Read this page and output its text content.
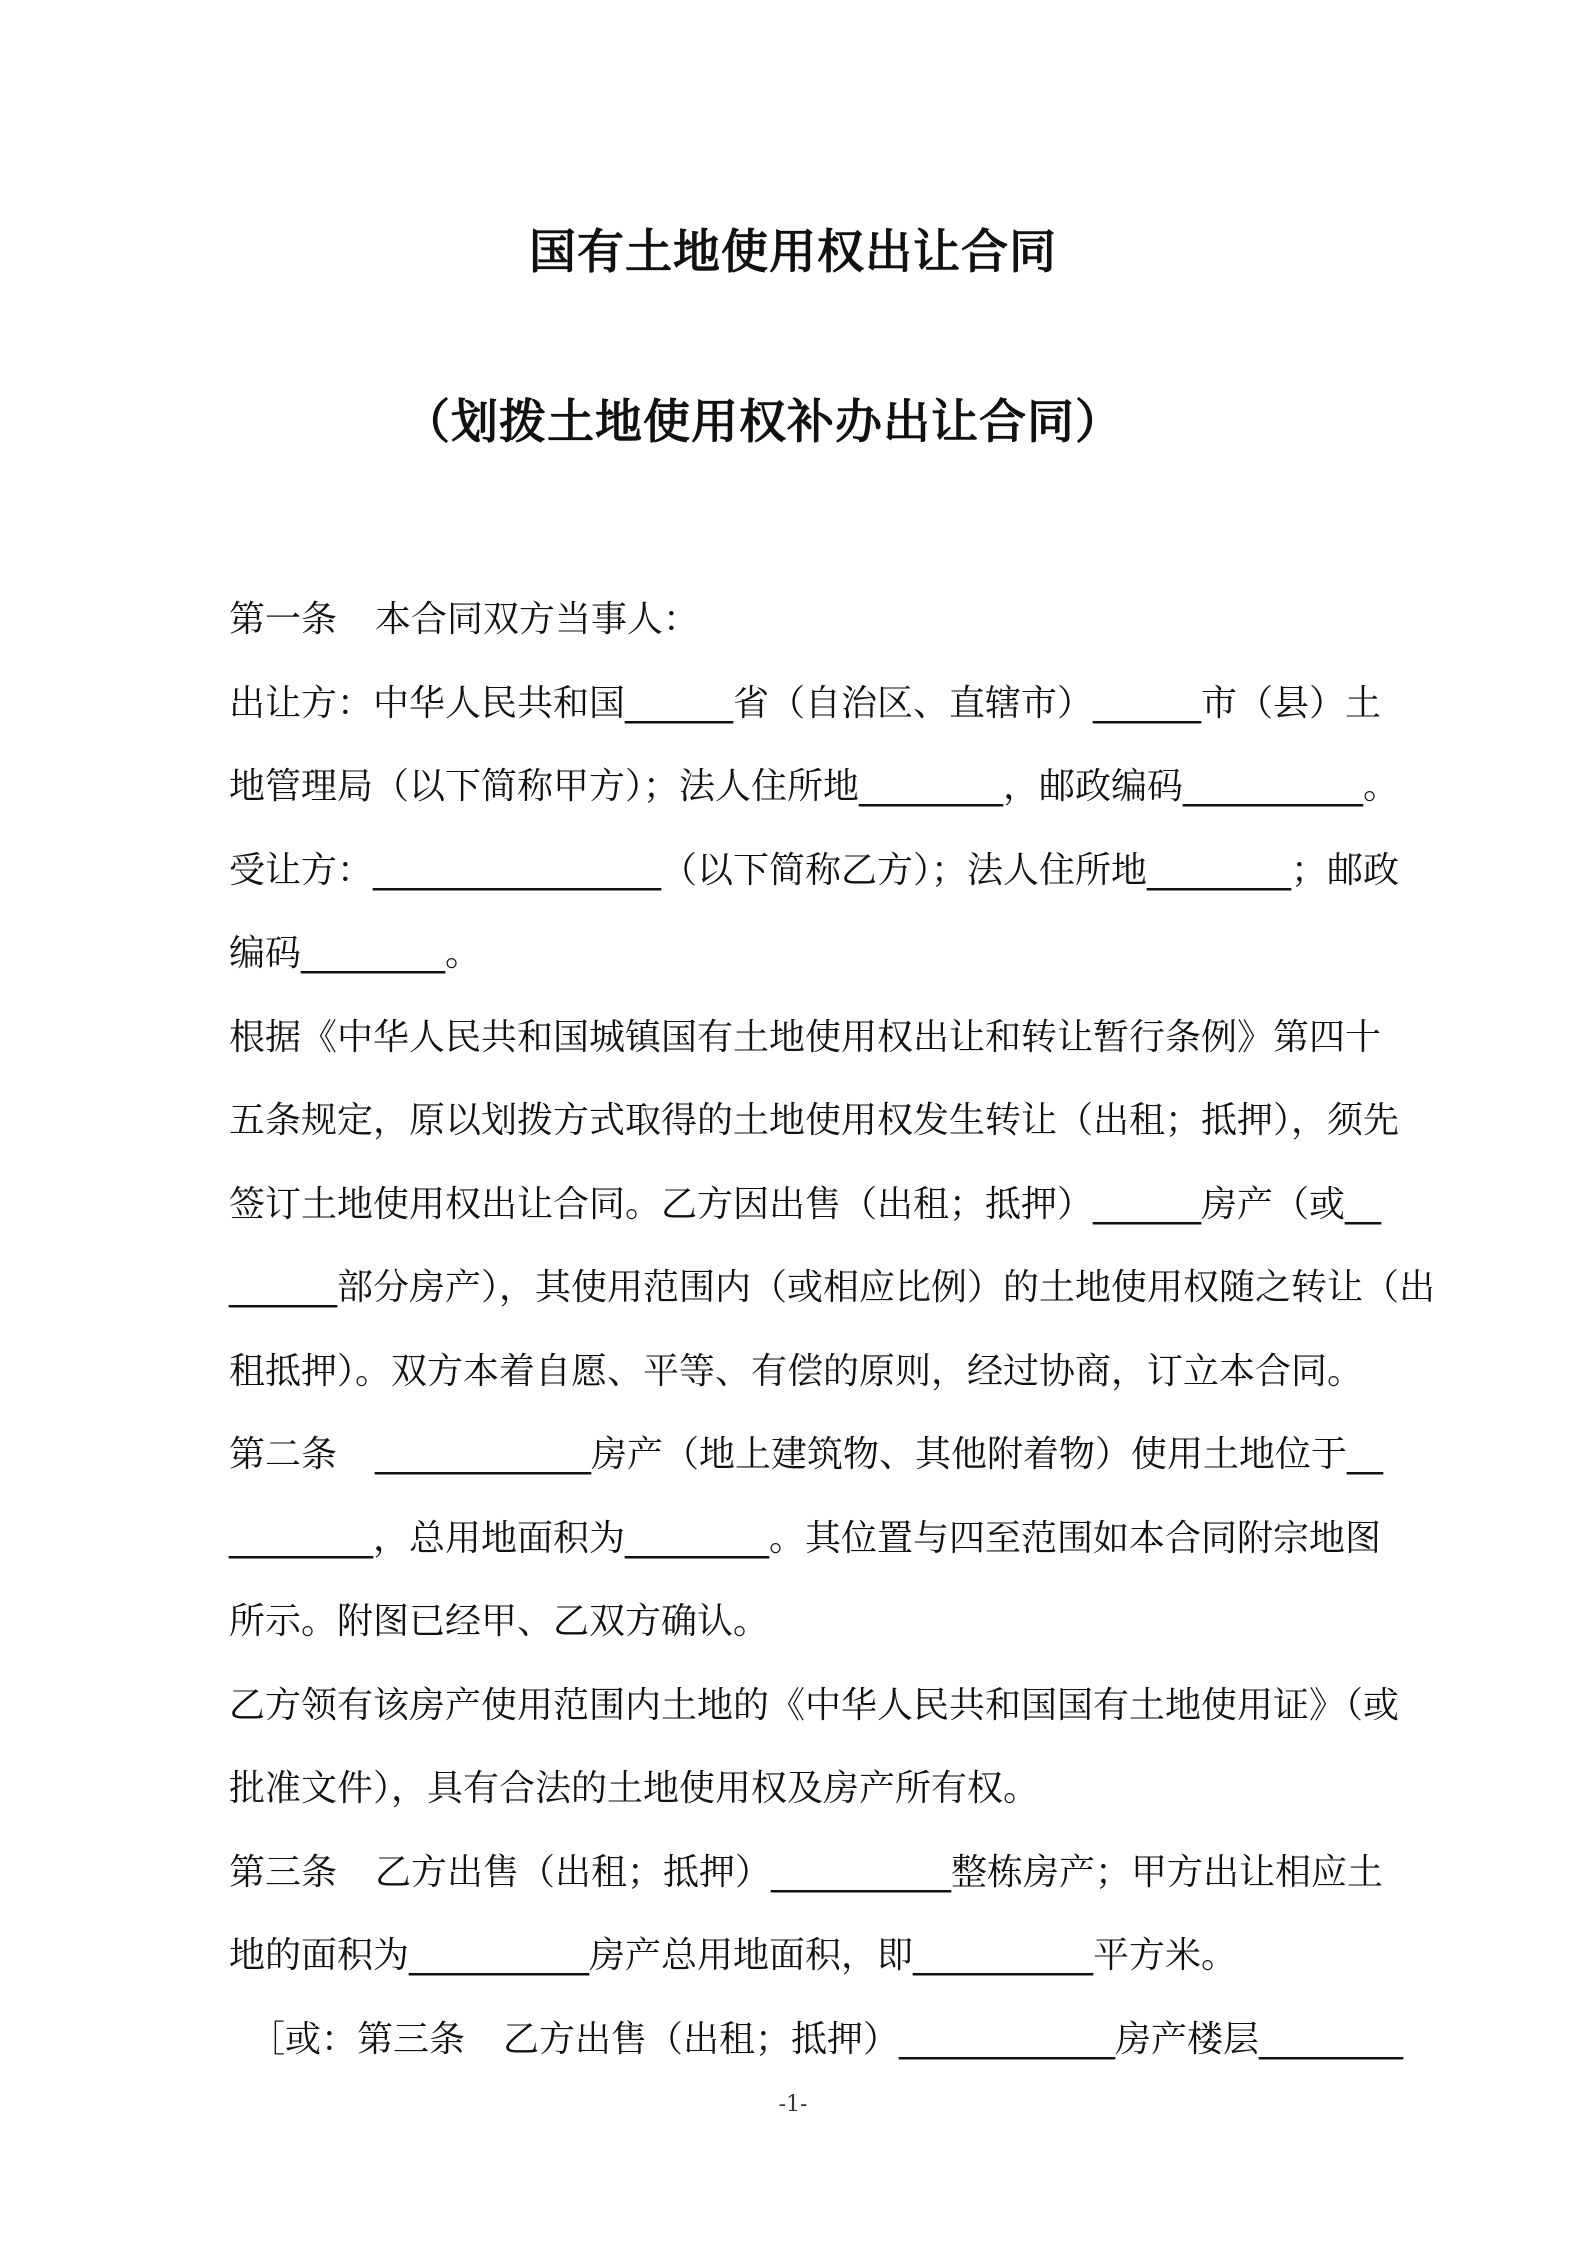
国有土地使用权出让合同
（划拨土地使用权补办出让合同）
第一条 本合同双方当事人：
出让方：中华人民共和国______省（自治区、直辖市）______市（县）土
地管理局（以下简称甲方）；法人住所地________，邮政编码__________。
受让方：________________（以下简称乙方）；法人住所地________；邮政
编码________。
根据《中华人民共和国城镇国有土地使用权出让和转让暂行条例》第四十
五条规定，原以划拨方式取得的土地使用权发生转让（出租；抵押），须先
签订土地使用权出让合同。乙方因出售（出租；抵押）______房产（或__
______部分房产），其使用范围内（或相应比例）的土地使用权随之转让（出
租抵押）。双方本着自愿、平等、有偿的原则，经过协商，订立本合同。
第二条 ____________房产（地上建筑物、其他附着物）使用土地位于__
________，总用地面积为________。其位置与四至范围如本合同附宗地图
所示。附图已经甲、乙双方确认。
乙方领有该房产使用范围内土地的《中华人民共和国国有土地使用证》（或
批准文件），具有合法的土地使用权及房产所有权。
第三条 乙方出售（出租；抵押）__________整栋房产；甲方出让相应土
地的面积为__________房产总用地面积，即__________平方米。
［或：第三条 乙方出售（出租；抵押）____________房产楼层________
-1-
